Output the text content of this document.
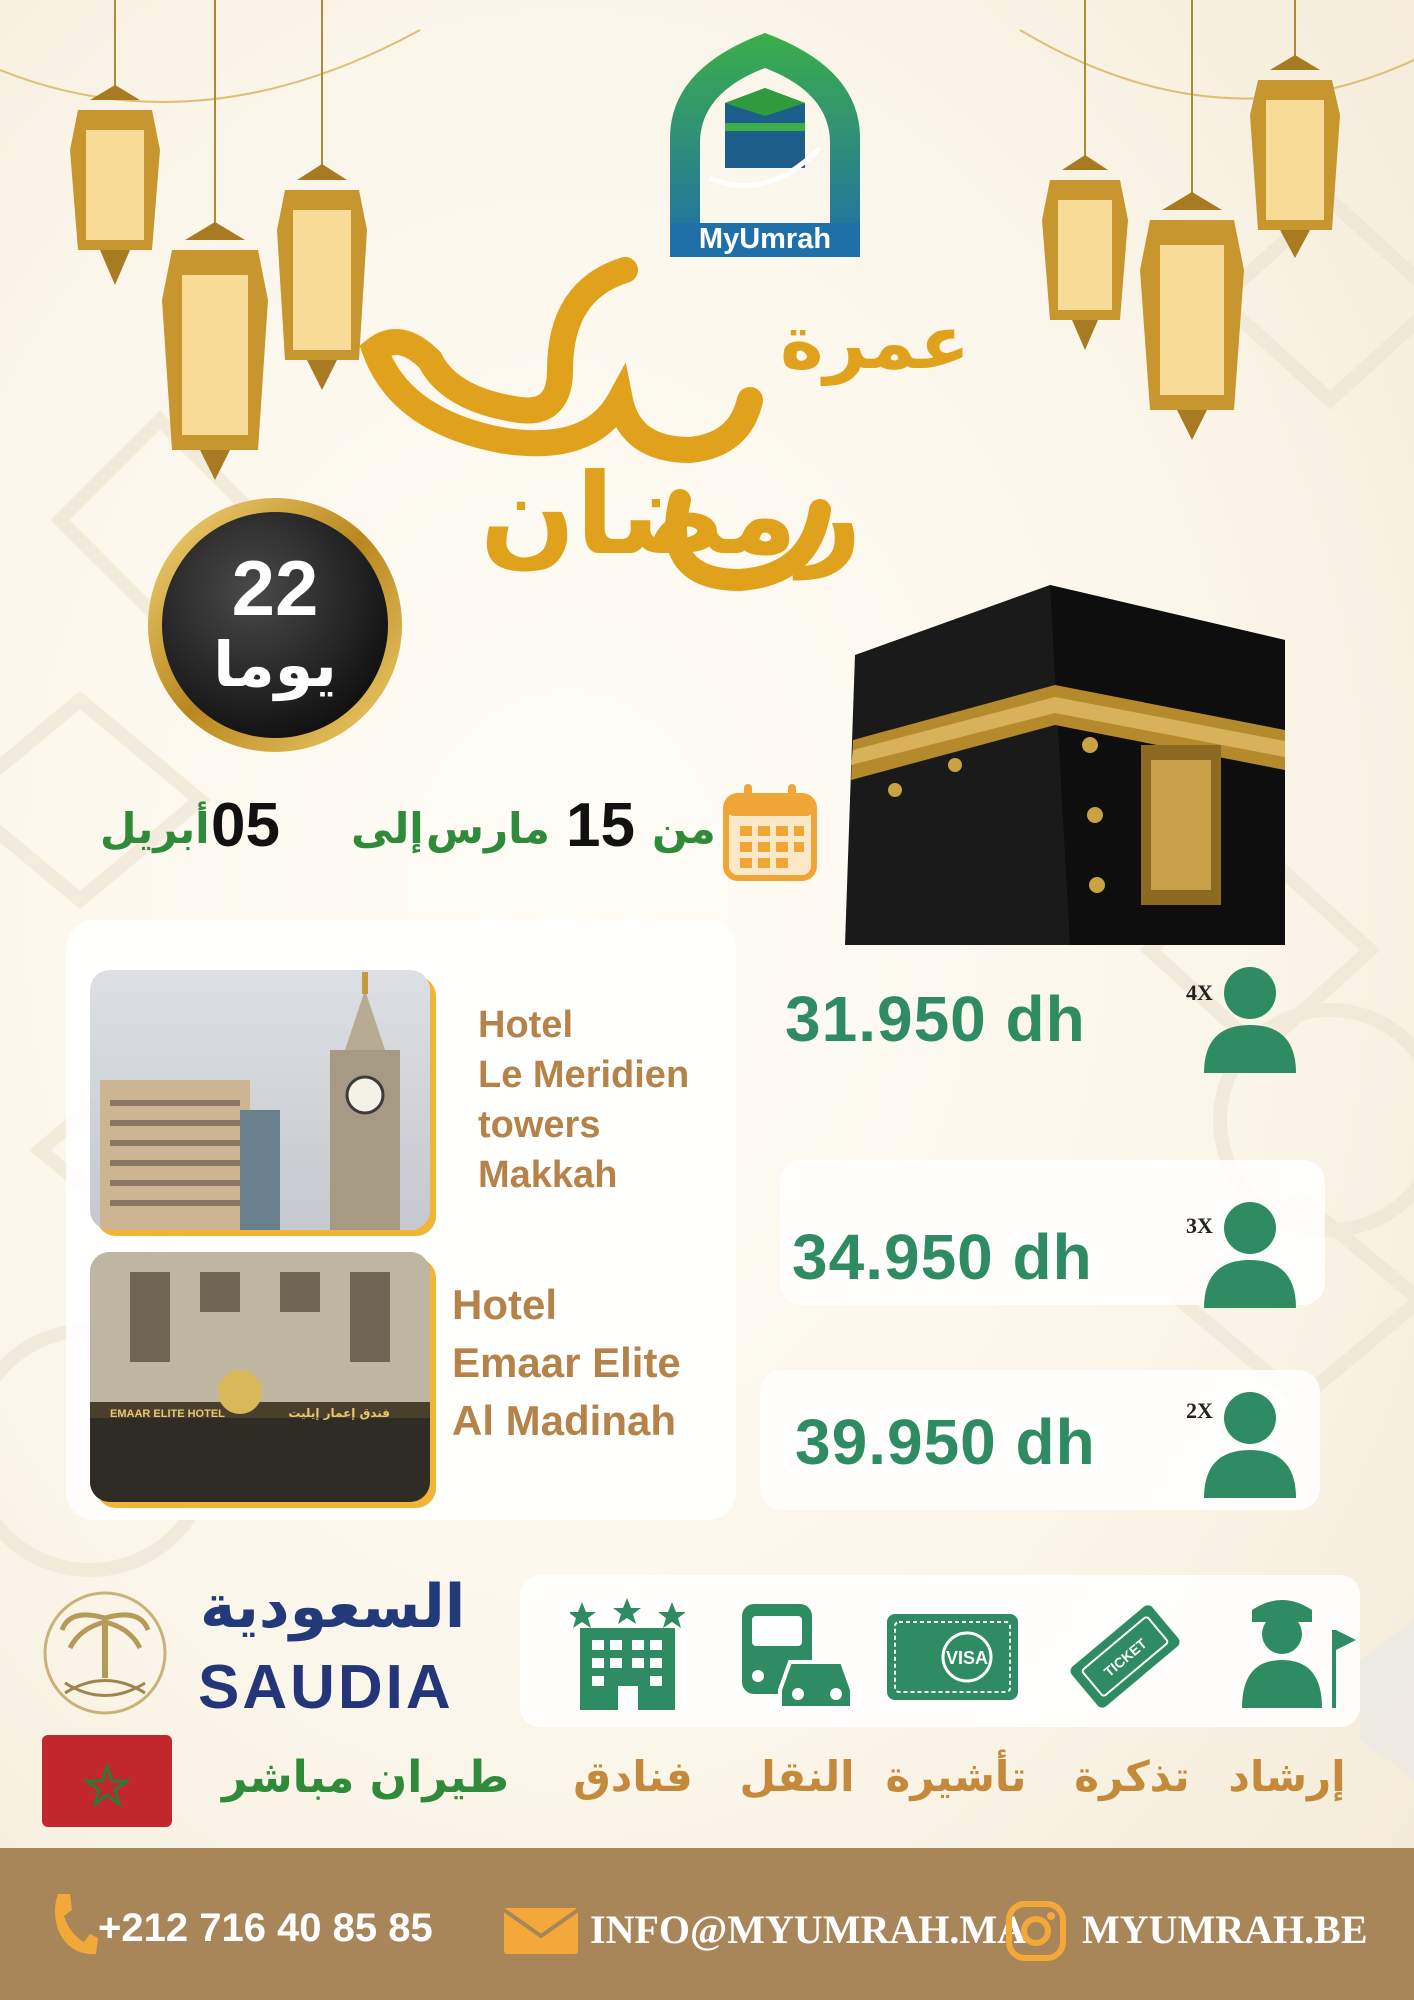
MyUmrah
عمرة
رمضان
22
يوما
أبريل 05 إلى مارس 15 من
EMAAR ELITE HOTEL	فندق إعمار إيليت
Hotel
Le Meridien
towers
Makkah
Hotel
Emaar Elite
Al Madinah
31.950 dh
34.950 dh
39.950 dh
4X
3X
2X
VISA	TICKET
فنادق النقل تأشيرة تذكرة إرشاد
السعودية
SAUDIA
طيران مباشر
+212 716 40 85 85	INFO@MYUMRAH.MA MYUMRAH.BE
